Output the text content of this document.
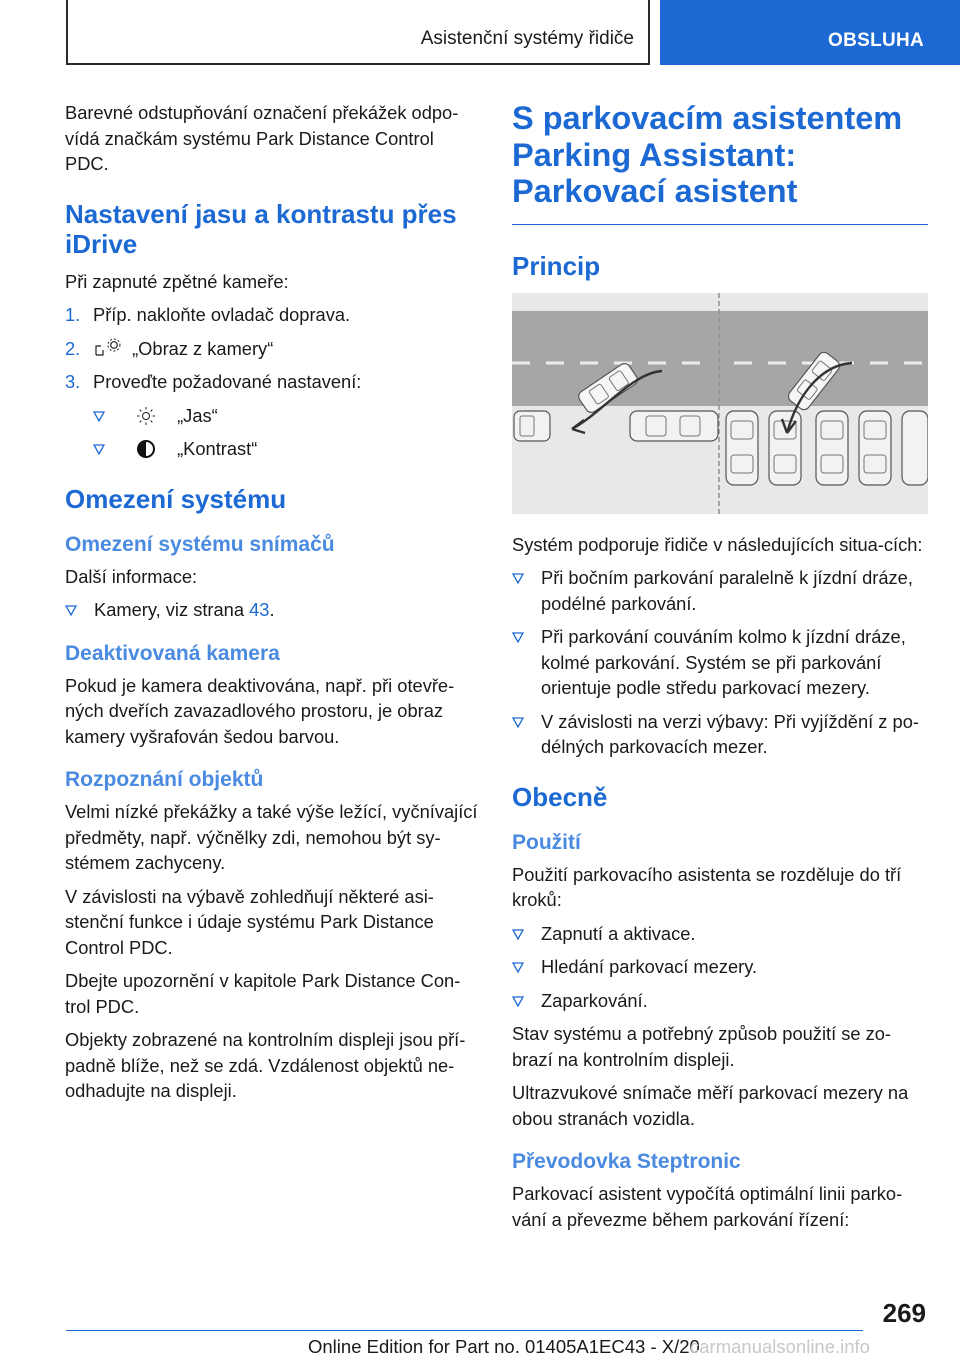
Asistenční systémy řidiče	OBSLUHA

Barevné odstupňování označení překážek odpo-vídá značkám systému Park Distance Control PDC.

Nastavení jasu a kontrastu přes iDrive

Při zapnuté zpětné kameře:

1. Příp. nakloňte ovladač doprava.
2.	„Obraz z kamery“
3. Proveďte požadované nastavení:
„Jas“
„Kontrast“
Omezení systému
Omezení systému snímačů

Další informace:

Kamery, viz strana 43.
Deaktivovaná kamera

Pokud je kamera deaktivována, např. při otevře-ných dveřích zavazadlového prostoru, je obraz kamery vyšrafován šedou barvou.

Rozpoznání objektů

Velmi nízké překážky a také výše ležící, vyčnívající předměty, např. výčnělky zdi, nemohou být sy-stémem zachyceny.

V závislosti na výbavě zohledňují některé asi-stenční funkce i údaje systému Park Distance Control PDC.

Dbejte upozornění v kapitole Park Distance Con-trol PDC.

Objekty zobrazené na kontrolním displeji jsou pří-padně blíže, než se zdá. Vzdálenost objektů ne-odhadujte na displeji.

S parkovacím asistentem Parking Assistant: Parkovací asistent
Princip

Systém podporuje řidiče v následujících situa-cích:

Při bočním parkování paralelně k jízdní dráze, podélné parkování.
Při parkování couváním kolmo k jízdní dráze, kolmé parkování. Systém se při parkování orientuje podle středu parkovací mezery.
V závislosti na verzi výbavy: Při vyjíždění z po-délných parkovacích mezer.
Obecně
Použití

Použití parkovacího asistenta se rozděluje do tří kroků:

Zapnutí a aktivace.
Hledání parkovací mezery.
Zaparkování.

Stav systému a potřebný způsob použití se zo-brazí na kontrolním displeji.

Ultrazvukové snímače měří parkovací mezery na obou stranách vozidla.

Převodovka Steptronic

Parkovací asistent vypočítá optimální linii parko-vání a převezme během parkování řízení:

269
Online Edition for Part no. 01405A1EC43 - X/20
carmanualsonline.info
